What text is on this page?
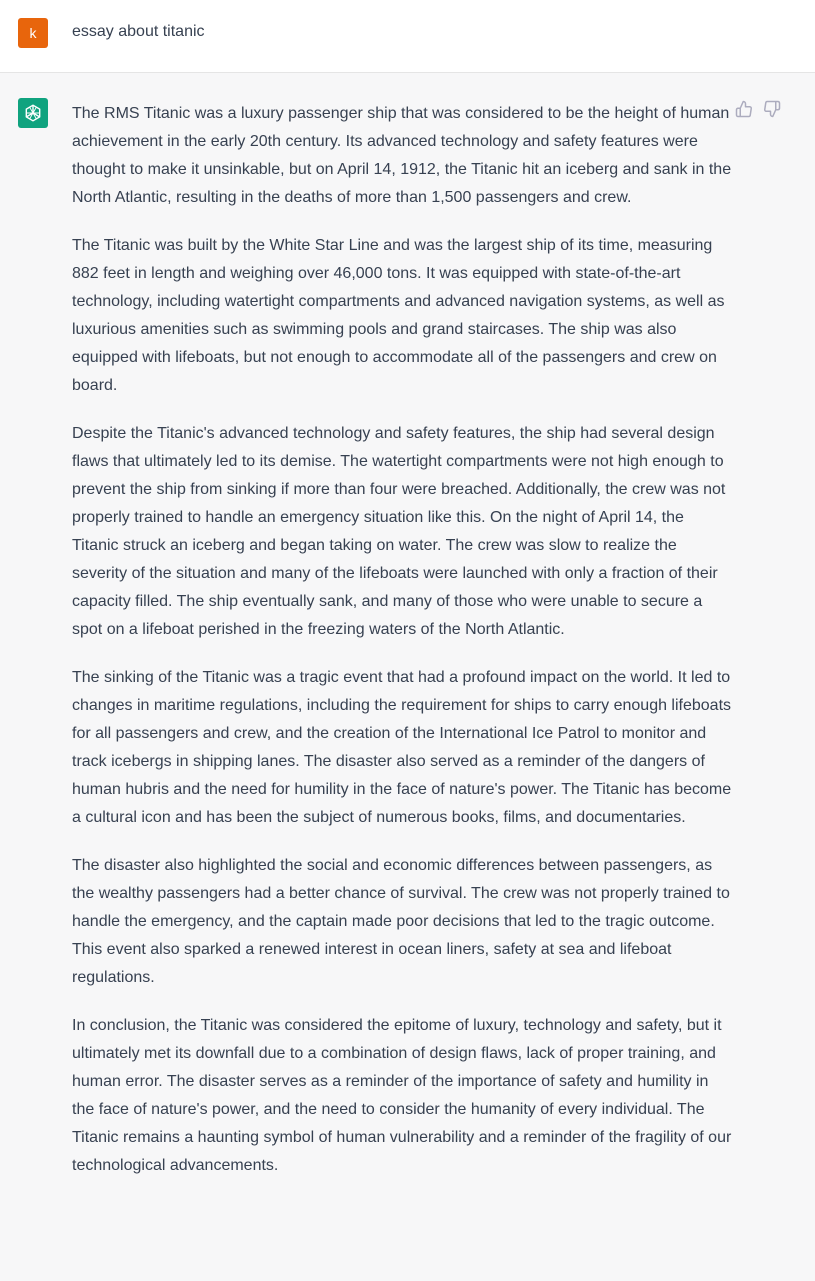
k	essay about titanic

The RMS Titanic was a luxury passenger ship that was considered to be the height of human achievement in the early 20th century. Its advanced technology and safety features were thought to make it unsinkable, but on April 14, 1912, the Titanic hit an iceberg and sank in the North Atlantic, resulting in the deaths of more than 1,500 passengers and crew.

The Titanic was built by the White Star Line and was the largest ship of its time, measuring 882 feet in length and weighing over 46,000 tons. It was equipped with state-of-the-art technology, including watertight compartments and advanced navigation systems, as well as luxurious amenities such as swimming pools and grand staircases. The ship was also equipped with lifeboats, but not enough to accommodate all of the passengers and crew on board.

Despite the Titanic's advanced technology and safety features, the ship had several design flaws that ultimately led to its demise. The watertight compartments were not high enough to prevent the ship from sinking if more than four were breached. Additionally, the crew was not properly trained to handle an emergency situation like this. On the night of April 14, the Titanic struck an iceberg and began taking on water. The crew was slow to realize the severity of the situation and many of the lifeboats were launched with only a fraction of their capacity filled. The ship eventually sank, and many of those who were unable to secure a spot on a lifeboat perished in the freezing waters of the North Atlantic.

The sinking of the Titanic was a tragic event that had a profound impact on the world. It led to changes in maritime regulations, including the requirement for ships to carry enough lifeboats for all passengers and crew, and the creation of the International Ice Patrol to monitor and track icebergs in shipping lanes. The disaster also served as a reminder of the dangers of human hubris and the need for humility in the face of nature's power. The Titanic has become a cultural icon and has been the subject of numerous books, films, and documentaries.

The disaster also highlighted the social and economic differences between passengers, as the wealthy passengers had a better chance of survival. The crew was not properly trained to handle the emergency, and the captain made poor decisions that led to the tragic outcome. This event also sparked a renewed interest in ocean liners, safety at sea and lifeboat regulations.

In conclusion, the Titanic was considered the epitome of luxury, technology and safety, but it ultimately met its downfall due to a combination of design flaws, lack of proper training, and human error. The disaster serves as a reminder of the importance of safety and humility in the face of nature's power, and the need to consider the humanity of every individual. The Titanic remains a haunting symbol of human vulnerability and a reminder of the fragility of our technological advancements.
